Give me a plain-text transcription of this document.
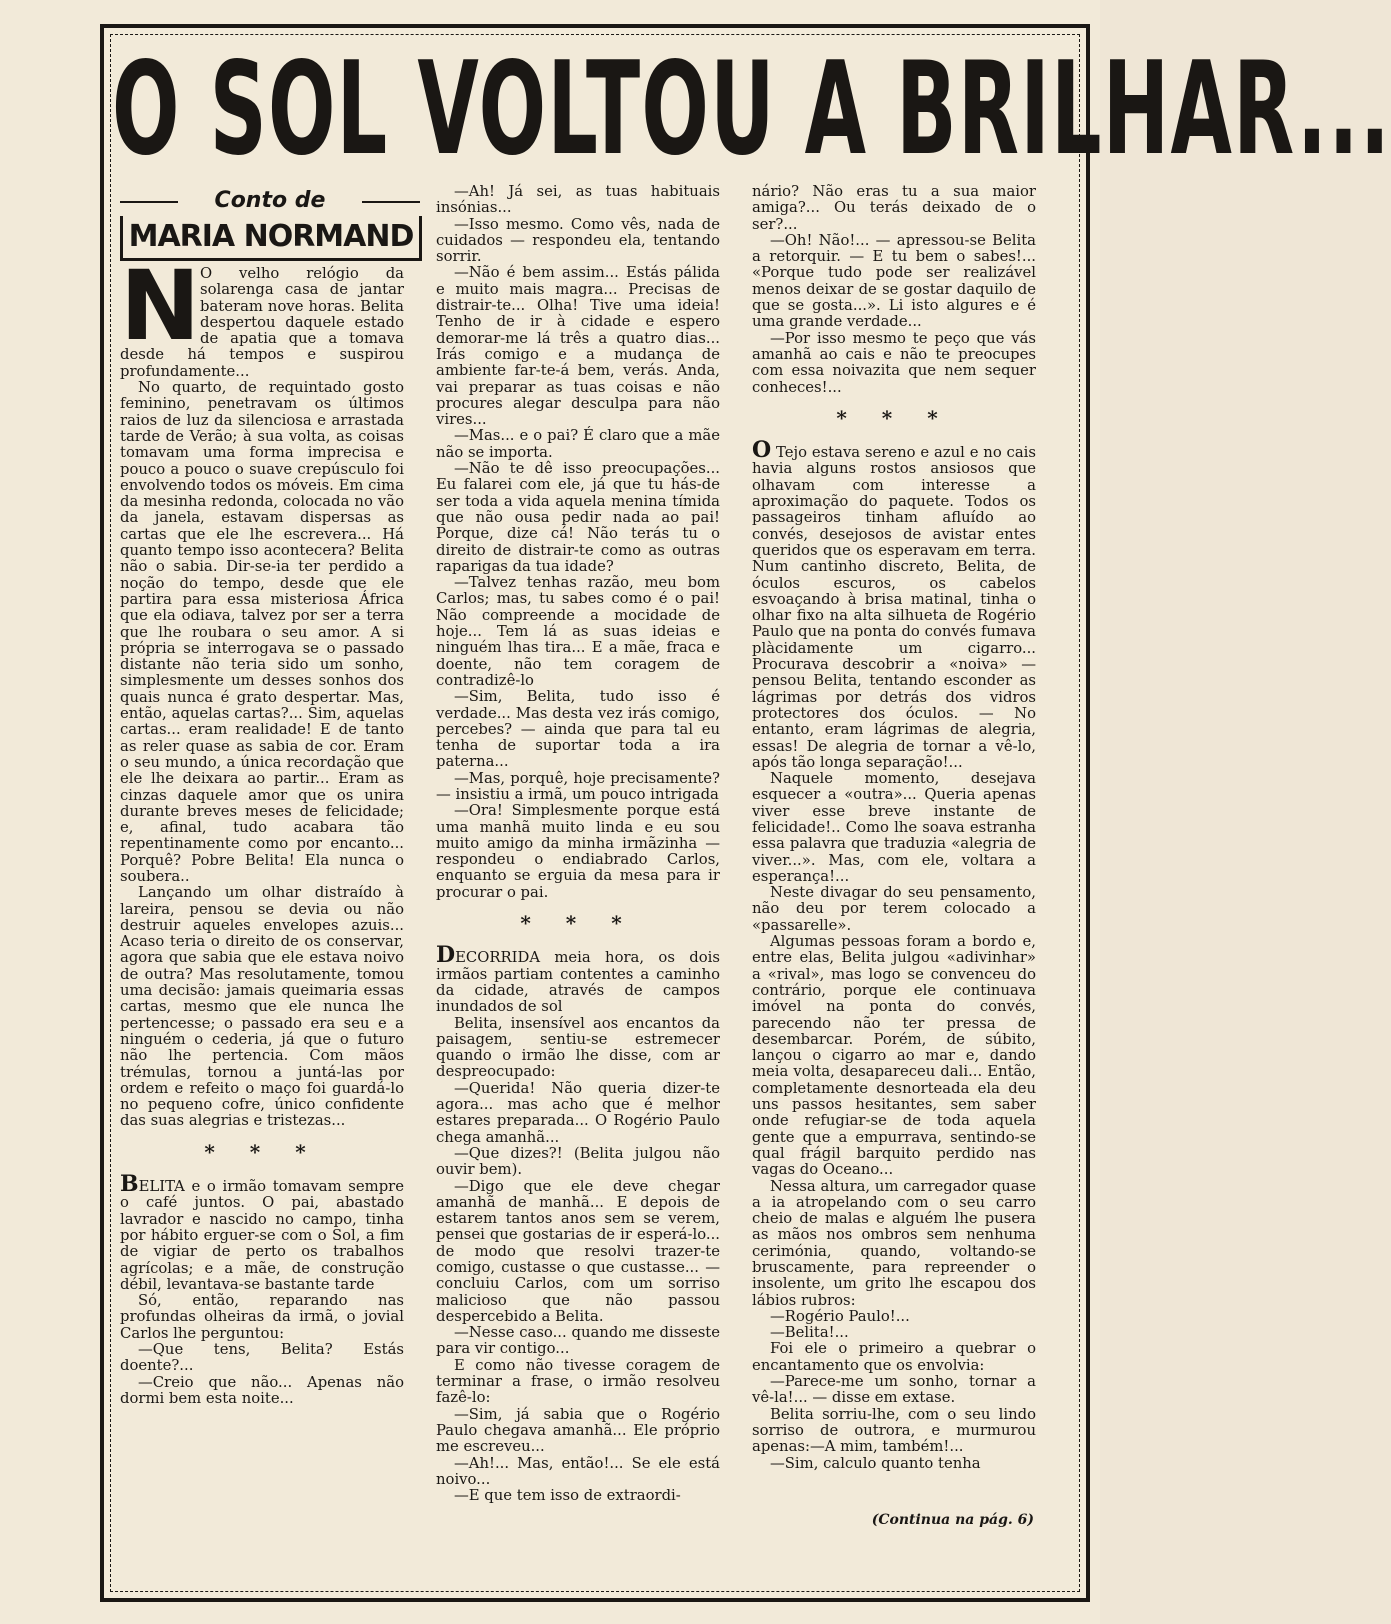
O SOL VOLTOU A BRILHAR...
Conto de
MARIA NORMAND

N O velho relógio da solarenga casa de jantar bateram nove horas. Belita despertou daquele estado de apatia que a tomava desde há tempos e suspirou profundamente...

No quarto, de requintado gosto feminino, penetravam os últimos raios de luz da silenciosa e arrastada tarde de Verão; à sua volta, as coisas tomavam uma forma imprecisa e pouco a pouco o suave crepúsculo foi envolvendo todos os móveis. Em cima da mesinha redonda, colocada no vão da janela, estavam dispersas as cartas que ele lhe escrevera... Há quanto tempo isso acontecera? Belita não o sabia. Dir-se-ia ter perdido a noção do tempo, desde que ele partira para essa misteriosa África que ela odiava, talvez por ser a terra que lhe roubara o seu amor. A si própria se interrogava se o passado distante não teria sido um sonho, simplesmente um desses sonhos dos quais nunca é grato despertar. Mas, então, aquelas cartas?... Sim, aquelas cartas... eram realidade! E de tanto as reler quase as sabia de cor. Eram o seu mundo, a única recordação que ele lhe deixara ao partir... Eram as cinzas daquele amor que os unira durante breves meses de felicidade; e, afinal, tudo acabara tão repentinamente como por encanto... Porquê? Pobre Belita! Ela nunca o soubera..

Lançando um olhar distraído à lareira, pensou se devia ou não destruir aqueles envelopes azuis... Acaso teria o direito de os conservar, agora que sabia que ele estava noivo de outra? Mas resolutamente, tomou uma decisão: jamais queimaria essas cartas, mesmo que ele nunca lhe pertencesse; o passado era seu e a ninguém o cederia, já que o futuro não lhe pertencia. Com mãos trémulas, tornou a juntá-las por ordem e refeito o maço foi guardá-lo no pequeno cofre, único confidente das suas alegrias e tristezas...

* * *

BELITA e o irmão tomavam sempre o café juntos. O pai, abastado lavrador e nascido no campo, tinha por hábito erguer-se com o Sol, a fim de vigiar de perto os trabalhos agrícolas; e a mãe, de construção débil, levantava-se bastante tarde

Só, então, reparando nas profundas olheiras da irmã, o jovial Carlos lhe perguntou:

—Que tens, Belita? Estás doente?...

—Creio que não... Apenas não dormi bem esta noite...

—Ah! Já sei, as tuas habituais insónias...

—Isso mesmo. Como vês, nada de cuidados — respondeu ela, tentando sorrir.

—Não é bem assim... Estás pálida e muito mais magra... Precisas de distrair-te... Olha! Tive uma ideia! Tenho de ir à cidade e espero demorar-me lá três a quatro dias... Irás comigo e a mudança de ambiente far-te-á bem, verás. Anda, vai preparar as tuas coisas e não procures alegar desculpa para não vires...

—Mas... e o pai? É claro que a mãe não se importa.

—Não te dê isso preocupações... Eu falarei com ele, já que tu hás-de ser toda a vida aquela menina tímida que não ousa pedir nada ao pai! Porque, dize cá! Não terás tu o direito de distrair-te como as outras raparigas da tua idade?

—Talvez tenhas razão, meu bom Carlos; mas, tu sabes como é o pai! Não compreende a mocidade de hoje... Tem lá as suas ideias e ninguém lhas tira... E a mãe, fraca e doente, não tem coragem de contradizê-lo

—Sim, Belita, tudo isso é verdade... Mas desta vez irás comigo, percebes? — ainda que para tal eu tenha de suportar toda a ira paterna...

—Mas, porquê, hoje precisamente? — insistiu a irmã, um pouco intrigada

—Ora! Simplesmente porque está uma manhã muito linda e eu sou muito amigo da minha irmãzinha — respondeu o endiabrado Carlos, enquanto se erguia da mesa para ir procurar o pai.

* * *

DECORRIDA meia hora, os dois irmãos partiam contentes a caminho da cidade, através de campos inundados de sol

Belita, insensível aos encantos da paisagem, sentiu-se estremecer quando o irmão lhe disse, com ar despreocupado:

—Querida! Não queria dizer-te agora... mas acho que é melhor estares preparada... O Rogério Paulo chega amanhã...

—Que dizes?! (Belita julgou não ouvir bem).

—Digo que ele deve chegar amanhã de manhã... E depois de estarem tantos anos sem se verem, pensei que gostarias de ir esperá-lo... de modo que resolvi trazer-te comigo, custasse o que custasse... — concluiu Carlos, com um sorriso malicioso que não passou despercebido a Belita.

—Nesse caso... quando me disseste para vir contigo...

E como não tivesse coragem de terminar a frase, o irmão resolveu fazê-lo:

—Sim, já sabia que o Rogério Paulo chegava amanhã... Ele próprio me escreveu...

—Ah!... Mas, então!... Se ele está noivo...

—E que tem isso de extraordi-

nário? Não eras tu a sua maior amiga?... Ou terás deixado de o ser?...

—Oh! Não!... — apressou-se Belita a retorquir. — E tu bem o sabes!... «Porque tudo pode ser realizável menos deixar de se gostar daquilo de que se gosta...». Li isto algures e é uma grande verdade...

—Por isso mesmo te peço que vás amanhã ao cais e não te preocupes com essa noivazita que nem sequer conheces!...

* * *

O Tejo estava sereno e azul e no cais havia alguns rostos ansiosos que olhavam com interesse a aproximação do paquete. Todos os passageiros tinham afluído ao convés, desejosos de avistar entes queridos que os esperavam em terra. Num cantinho discreto, Belita, de óculos escuros, os cabelos esvoaçando à brisa matinal, tinha o olhar fixo na alta silhueta de Rogério Paulo que na ponta do convés fumava plàcidamente um cigarro... Procurava descobrir a «noiva» — pensou Belita, tentando esconder as lágrimas por detrás dos vidros protectores dos óculos. — No entanto, eram lágrimas de alegria, essas! De alegria de tornar a vê-lo, após tão longa separação!...

Naquele momento, desejava esquecer a «outra»... Queria apenas viver esse breve instante de felicidade!.. Como lhe soava estranha essa palavra que traduzia «alegria de viver...». Mas, com ele, voltara a esperança!...

Neste divagar do seu pensamento, não deu por terem colocado a «passarelle».

Algumas pessoas foram a bordo e, entre elas, Belita julgou «adivinhar» a «rival», mas logo se convenceu do contrário, porque ele continuava imóvel na ponta do convés, parecendo não ter pressa de desembarcar. Porém, de súbito, lançou o cigarro ao mar e, dando meia volta, desapareceu dali... Então, completamente desnorteada ela deu uns passos hesitantes, sem saber onde refugiar-se de toda aquela gente que a empurrava, sentindo-se qual frágil barquito perdido nas vagas do Oceano...

Nessa altura, um carregador quase a ia atropelando com o seu carro cheio de malas e alguém lhe pusera as mãos nos ombros sem nenhuma cerimónia, quando, voltando-se bruscamente, para repreender o insolente, um grito lhe escapou dos lábios rubros:

—Rogério Paulo!...

—Belita!...

Foi ele o primeiro a quebrar o encantamento que os envolvia:

—Parece-me um sonho, tornar a vê-la!... — disse em extase.

Belita sorriu-lhe, com o seu lindo sorriso de outrora, e murmurou apenas:—A mim, também!...

—Sim, calculo quanto tenha

(Continua na pág. 6)
